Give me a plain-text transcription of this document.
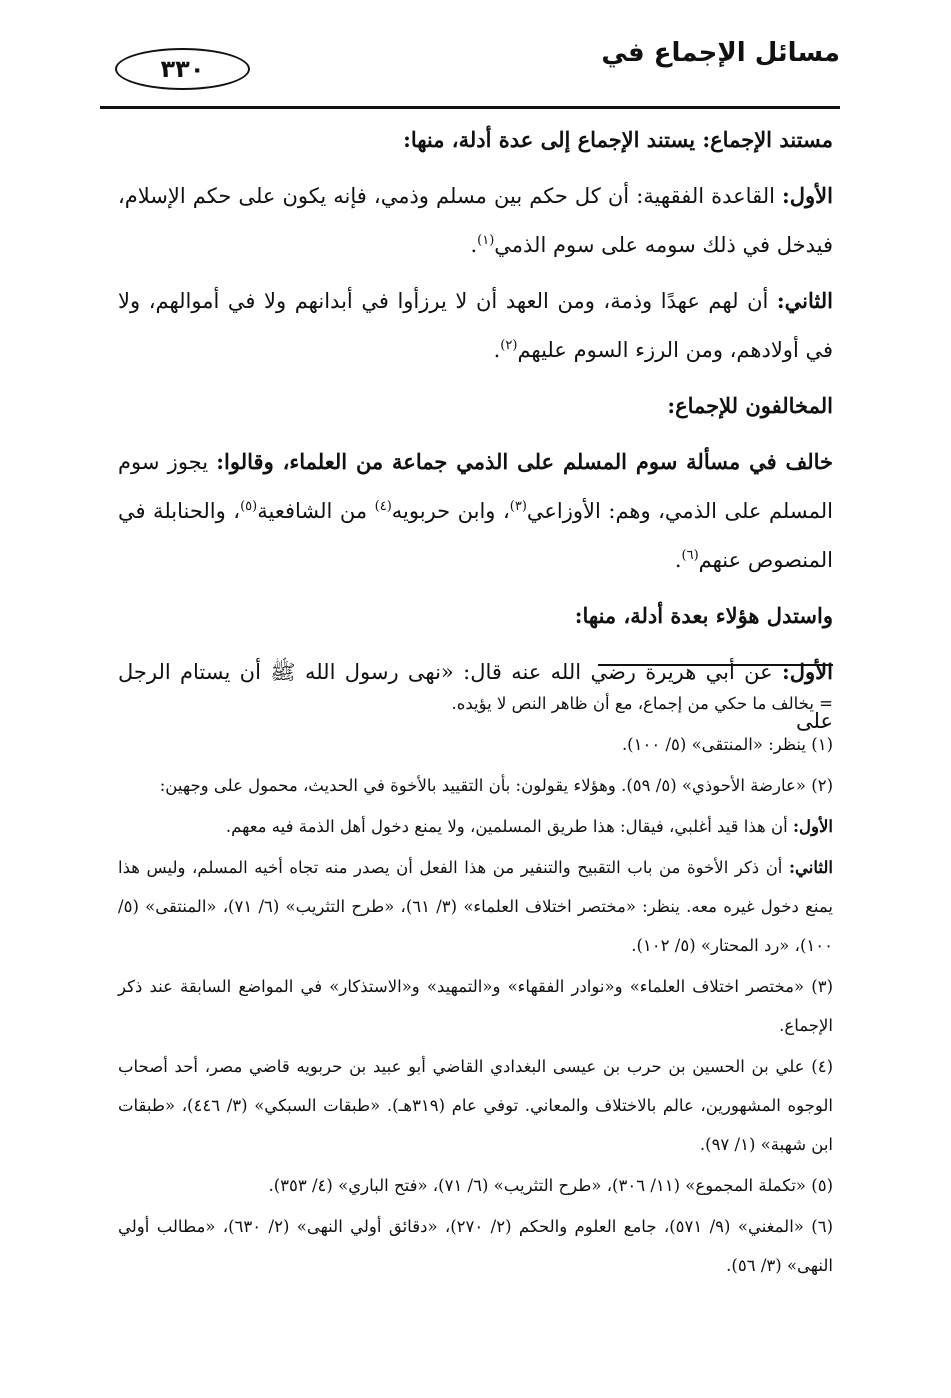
مسائل الإجماع في
٣٣٠

مستند الإجماع: يستند الإجماع إلى عدة أدلة، منها:

الأول: القاعدة الفقهية: أن كل حكم بين مسلم وذمي، فإنه يكون على حكم الإسلام، فيدخل في ذلك سومه على سوم الذمي$^{(١)}$.

الثاني: أن لهم عهدًا وذمة، ومن العهد أن لا يرزأوا في أبدانهم ولا في أموالهم، ولا في أولادهم، ومن الرزء السوم عليهم$^{(٢)}$.

المخالفون للإجماع:

خالف في مسألة سوم المسلم على الذمي جماعة من العلماء، وقالوا: يجوز سوم المسلم على الذمي، وهم: الأوزاعي$^{(٣)}$، وابن حربويه$^{(٤)}$ من الشافعية$^{(٥)}$، والحنابلة في المنصوص عنهم$^{(٦)}$.

واستدل هؤلاء بعدة أدلة، منها:

الأول: عن أبي هريرة رضي الله عنه قال: «نهى رسول الله ﷺ أن يستام الرجل على

= يخالف ما حكي من إجماع، مع أن ظاهر النص لا يؤيده.

(١) ينظر: «المنتقى» (٥/ ١٠٠).

(٢) «عارضة الأحوذي» (٥/ ٥٩). وهؤلاء يقولون: بأن التقييد بالأخوة في الحديث، محمول على وجهين:

الأول: أن هذا قيد أغلبي، فيقال: هذا طريق المسلمين، ولا يمنع دخول أهل الذمة فيه معهم.

الثاني: أن ذكر الأخوة من باب التقبيح والتنفير من هذا الفعل أن يصدر منه تجاه أخيه المسلم، وليس هذا يمنع دخول غيره معه. ينظر: «مختصر اختلاف العلماء» (٣/ ٦١)، «طرح التثريب» (٦/ ٧١)، «المنتقى» (٥/ ١٠٠)، «رد المحتار» (٥/ ١٠٢).

(٣) «مختصر اختلاف العلماء» و«نوادر الفقهاء» و«التمهيد» و«الاستذكار» في المواضع السابقة عند ذكر الإجماع.

(٤) علي بن الحسين بن حرب بن عيسى البغدادي القاضي أبو عبيد بن حربويه قاضي مصر، أحد أصحاب الوجوه المشهورين، عالم بالاختلاف والمعاني. توفي عام (٣١٩هـ). «طبقات السبكي» (٣/ ٤٤٦)، «طبقات ابن شهبة» (١/ ٩٧).

(٥) «تكملة المجموع» (١١/ ٣٠٦)، «طرح التثريب» (٦/ ٧١)، «فتح الباري» (٤/ ٣٥٣).

(٦) «المغني» (٩/ ٥٧١)، جامع العلوم والحكم (٢/ ٢٧٠)، «دقائق أولي النهى» (٢/ ٦٣٠)، «مطالب أولي النهى» (٣/ ٥٦).
